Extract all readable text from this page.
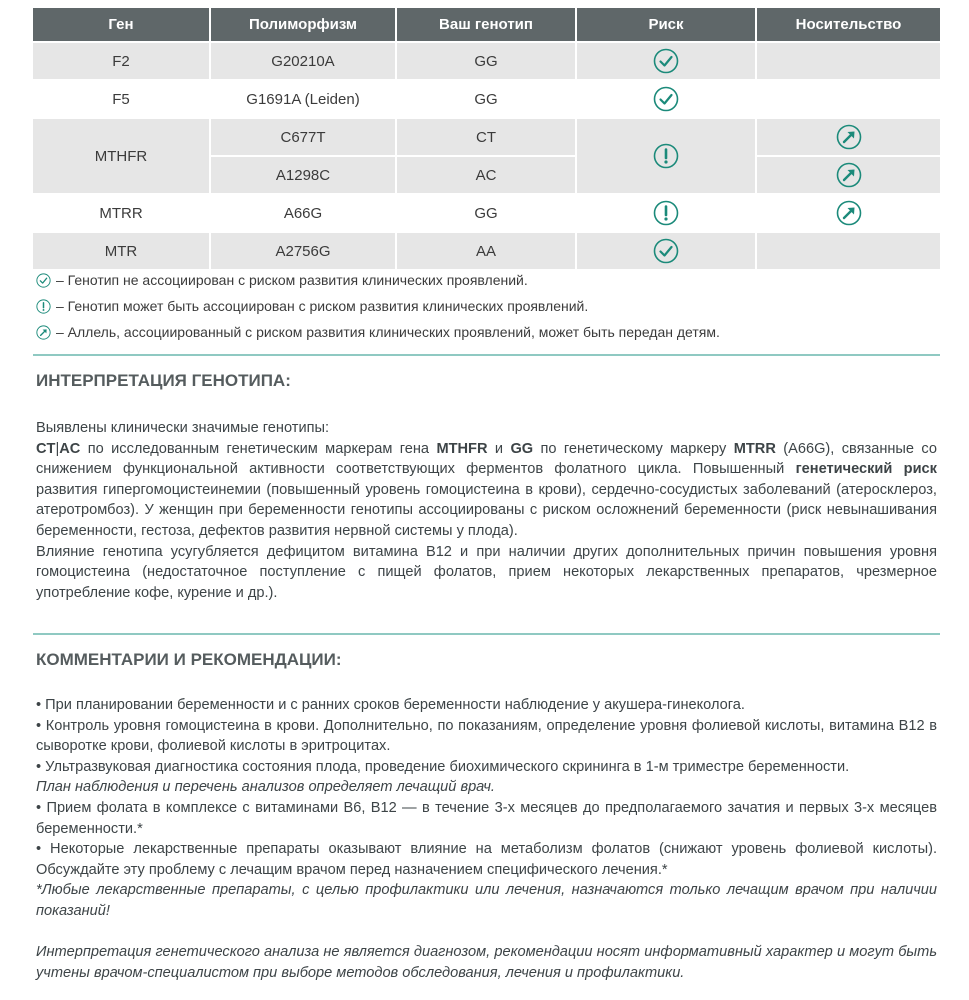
Ген	Полиморфизм	Ваш генотип	Риск	Носительство
F2	G20210A	GG		
F5	G1691A (Leiden)	GG		
MTHFR	C677T	CT		
	A1298C	AC	
MTRR	A66G	GG		
MTR	A2756G	AA		
– Генотип не ассоциирован с риском развития клинических проявлений.
– Генотип может быть ассоциирован с риском развития клинических проявлений.
– Аллель, ассоциированный с риском развития клинических проявлений, может быть передан детям.
ИНТЕРПРЕТАЦИЯ ГЕНОТИПА:

Выявлены клинически значимые генотипы:

CT|AC по исследованным генетическим маркерам гена MTHFR и GG по генетическому маркеру MTRR (A66G), связанные со снижением функциональной активности соответствующих ферментов фолатного цикла. Повышенный генетический риск развития гипергомоцистеинемии (повышенный уровень гомоцистеина в крови), сердечно-сосудистых заболеваний (атеросклероз, атеротромбоз). У женщин при беременности генотипы ассоциированы с риском осложнений беременности (риск невынашивания беременности, гестоза, дефектов развития нервной системы у плода).

Влияние генотипа усугубляется дефицитом витамина В12 и при наличии других дополнительных причин повышения уровня гомоцистеина (недостаточное поступление с пищей фолатов, прием некоторых лекарственных препаратов, чрезмерное употребление кофе, курение и др.).

КОММЕНТАРИИ И РЕКОМЕНДАЦИИ:

• При планировании беременности и с ранних сроков беременности наблюдение у акушера-гинеколога.

• Контроль уровня гомоцистеина в крови. Дополнительно, по показаниям, определение уровня фолиевой кислоты, витамина В12 в сыворотке крови, фолиевой кислоты в эритроцитах.

• Ультразвуковая диагностика состояния плода, проведение биохимического скрининга в 1-м триместре беременности.

План наблюдения и перечень анализов определяет лечащий врач.

• Прием фолата в комплексе с витаминами В6, В12 — в течение 3-х месяцев до предполагаемого зачатия и первых 3-х месяцев беременности.*

• Некоторые лекарственные препараты оказывают влияние на метаболизм фолатов (снижают уровень фолиевой кислоты). Обсуждайте эту проблему с лечащим врачом перед назначением специфического лечения.*

*Любые лекарственные препараты, с целью профилактики или лечения, назначаются только лечащим врачом при наличии показаний!

Интерпретация генетического анализа не является диагнозом, рекомендации носят информативный характер и могут быть учтены врачом-специалистом при выборе методов обследования, лечения и профилактики.
